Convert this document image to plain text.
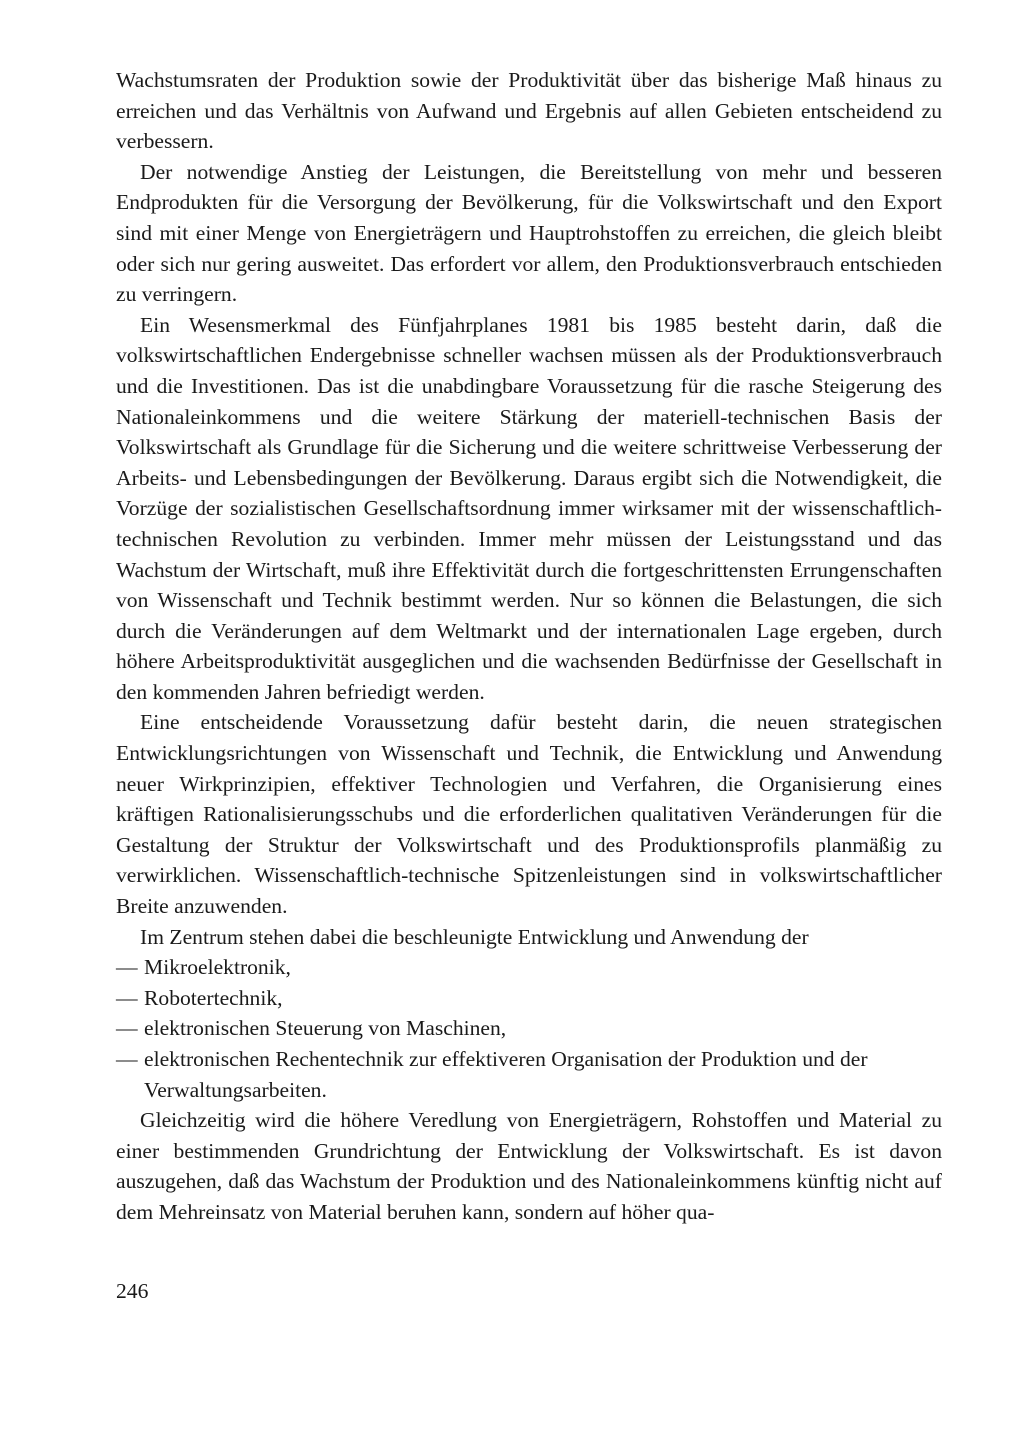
Wachstumsraten der Produktion sowie der Produktivität über das bisherige Maß hinaus zu erreichen und das Verhältnis von Aufwand und Ergebnis auf allen Gebieten entscheidend zu verbessern.

Der notwendige Anstieg der Leistungen, die Bereitstellung von mehr und besseren Endprodukten für die Versorgung der Bevölkerung, für die Volkswirtschaft und den Export sind mit einer Menge von Energieträgern und Hauptrohstoffen zu erreichen, die gleich bleibt oder sich nur gering ausweitet. Das erfordert vor allem, den Produktionsverbrauch entschieden zu verringern.

Ein Wesensmerkmal des Fünfjahrplanes 1981 bis 1985 besteht darin, daß die volkswirtschaftlichen Endergebnisse schneller wachsen müssen als der Produktionsverbrauch und die Investitionen. Das ist die unabdingbare Voraussetzung für die rasche Steigerung des Nationaleinkommens und die weitere Stärkung der materiell-technischen Basis der Volkswirtschaft als Grundlage für die Sicherung und die weitere schrittweise Verbesserung der Arbeits- und Lebensbedingungen der Bevölkerung. Daraus ergibt sich die Notwendigkeit, die Vorzüge der sozialistischen Gesellschaftsordnung immer wirksamer mit der wissenschaftlich-technischen Revolution zu verbinden. Immer mehr müssen der Leistungsstand und das Wachstum der Wirtschaft, muß ihre Effektivität durch die fortgeschrittensten Errungenschaften von Wissenschaft und Technik bestimmt werden. Nur so können die Belastungen, die sich durch die Veränderungen auf dem Weltmarkt und der internationalen Lage ergeben, durch höhere Arbeitsproduktivität ausgeglichen und die wachsenden Bedürfnisse der Gesellschaft in den kommenden Jahren befriedigt werden.

Eine entscheidende Voraussetzung dafür besteht darin, die neuen strategischen Entwicklungsrichtungen von Wissenschaft und Technik, die Entwicklung und Anwendung neuer Wirkprinzipien, effektiver Technologien und Verfahren, die Organisierung eines kräftigen Rationalisierungsschubs und die erforderlichen qualitativen Veränderungen für die Gestaltung der Struktur der Volkswirtschaft und des Produktionsprofils planmäßig zu verwirklichen. Wissenschaftlich-technische Spitzenleistungen sind in volkswirtschaftlicher Breite anzuwenden.

Im Zentrum stehen dabei die beschleunigte Entwicklung und Anwendung der

— Mikroelektronik,
— Robotertechnik,
— elektronischen Steuerung von Maschinen,
— elektronischen Rechentechnik zur effektiveren Organisation der Produktion und der Verwaltungsarbeiten.

Gleichzeitig wird die höhere Veredlung von Energieträgern, Rohstoffen und Material zu einer bestimmenden Grundrichtung der Entwicklung der Volkswirtschaft. Es ist davon auszugehen, daß das Wachstum der Produktion und des Nationaleinkommens künftig nicht auf dem Mehreinsatz von Material beruhen kann, sondern auf höher qua-

246
